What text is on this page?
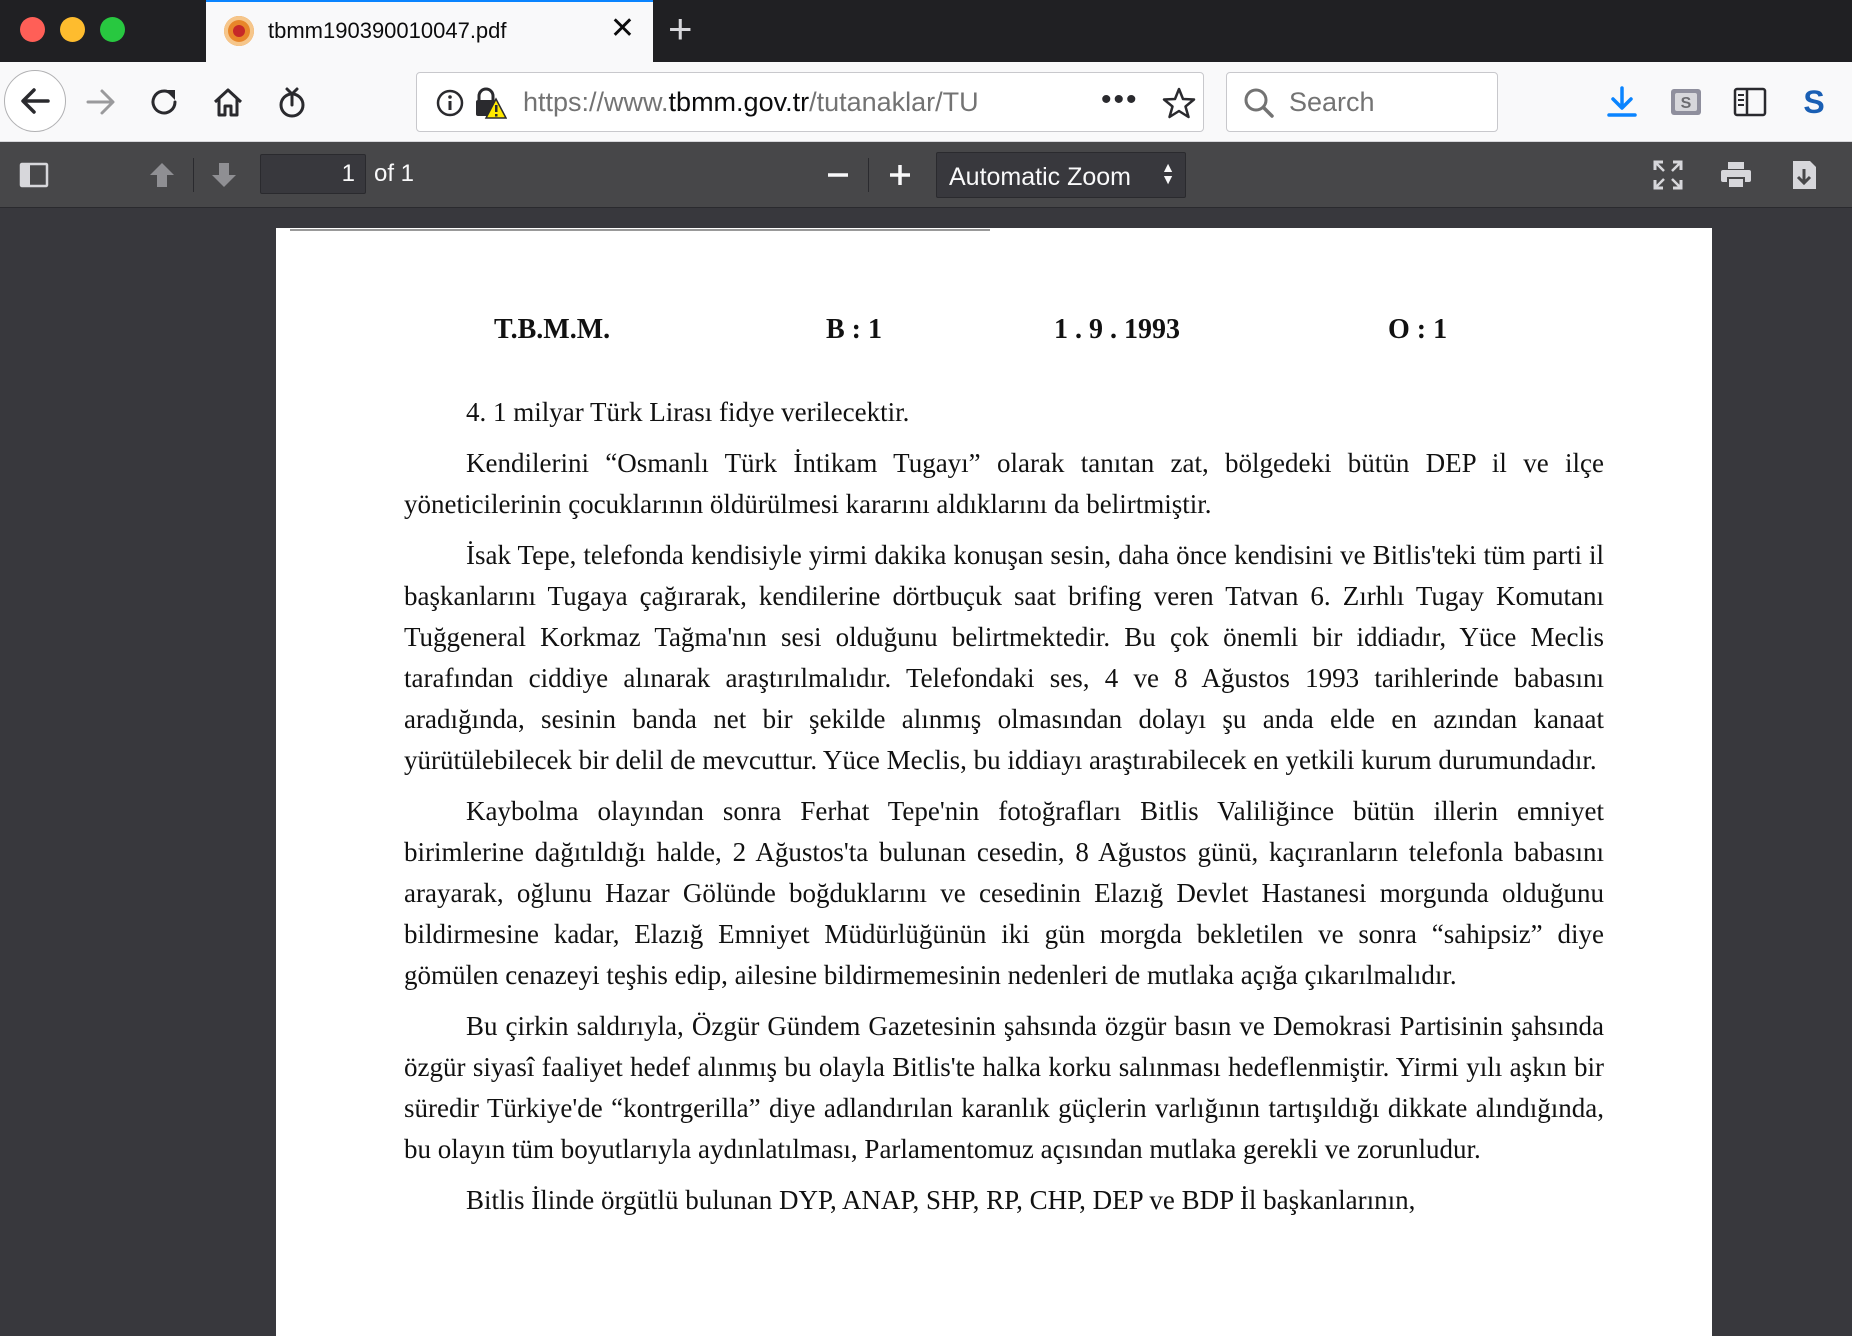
tbmm190390010047.pdf	✕ +
https://www.tbmm.gov.tr/tutanaklar/TU	•••	Search	S	S
1 of 1	Automatic Zoom ▲
▼
T.B.M.M.	B : 1	1 . 9 . 1993	O : 1

4. 1 milyar Türk Lirası fidye verilecektir.

Kendilerini “Osmanlı Türk İntikam Tugayı” olarak tanıtan zat, bölgedeki bütün DEP il ve ilçe yöneticilerinin çocuklarının öldürülmesi kararını aldıklarını da belirtmiştir.

İsak Tepe, telefonda kendisiyle yirmi dakika konuşan sesin, daha önce kendisini ve Bitlis'teki tüm parti il başkanlarını Tugaya çağırarak, kendilerine dörtbuçuk saat brifing veren Tatvan 6. Zırhlı Tugay Komutanı Tuğgeneral Korkmaz Tağma'nın sesi olduğunu belirtmektedir. Bu çok önemli bir iddiadır, Yüce Meclis tarafından ciddiye alınarak araştırılmalıdır. Telefondaki ses, 4 ve 8 Ağustos 1993 tarihlerinde babasını aradığında, sesinin banda net bir şekilde alınmış olmasından dolayı şu anda elde en azından kanaat yürütülebilecek bir delil de mevcuttur. Yüce Meclis, bu iddiayı araştırabilecek en yetkili kurum durumundadır.

Kaybolma olayından sonra Ferhat Tepe'nin fotoğrafları Bitlis Valiliğince bütün illerin emniyet birimlerine dağıtıldığı halde, 2 Ağustos'ta bulunan cesedin, 8 Ağustos günü, kaçıranların telefonla babasını arayarak, oğlunu Hazar Gölünde boğduklarını ve cesedinin Elazığ Devlet Hastanesi morgunda olduğunu bildirmesine kadar, Elazığ Emniyet Müdürlüğünün iki gün morgda bekletilen ve sonra “sahipsiz” diye gömülen cenazeyi teşhis edip, ailesine bildirmemesinin nedenleri de mutlaka açığa çıkarılmalıdır.

Bu çirkin saldırıyla, Özgür Gündem Gazetesinin şahsında özgür basın ve Demokrasi Partisinin şahsında özgür siyasî faaliyet hedef alınmış bu olayla Bitlis'te halka korku salınması hedeflenmiştir. Yirmi yılı aşkın bir süredir Türkiye'de “kontrgerilla” diye adlandırılan karanlık güçlerin varlığının tartışıldığı dikkate alındığında, bu olayın tüm boyutlarıyla aydınlatılması, Parlamentomuz açısından mutlaka gerekli ve zorunludur.

Bitlis İlinde örgütlü bulunan DYP, ANAP, SHP, RP, CHP, DEP ve BDP İl başkanlarının,
